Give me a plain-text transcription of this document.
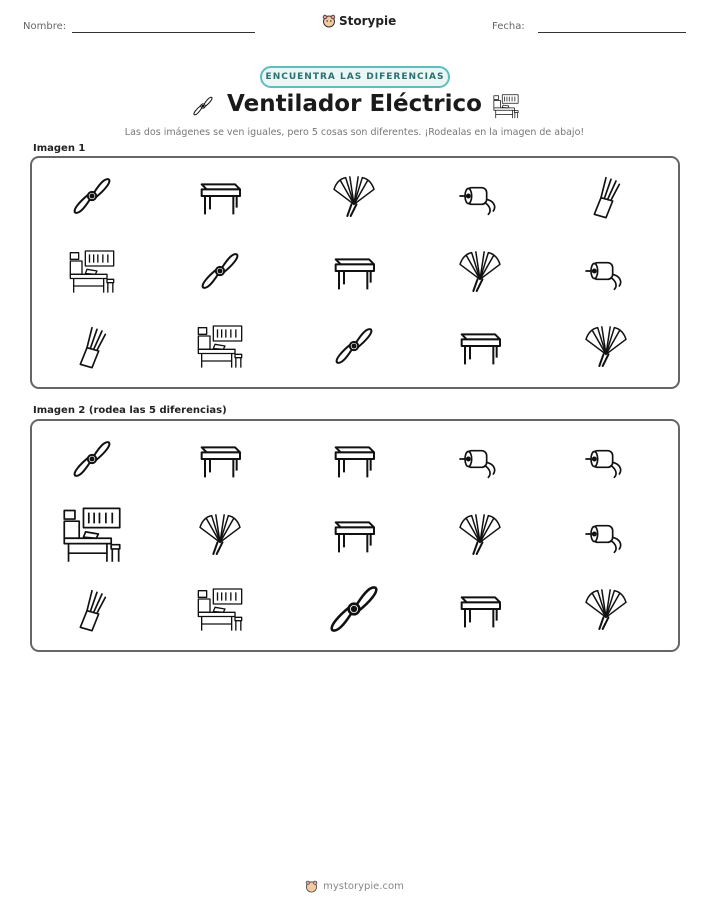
Nombre:	Storypie	Fecha:
ENCUENTRA LAS DIFERENCIAS
Ventilador Eléctrico
Las dos imágenes se ven iguales, pero 5 cosas son diferentes. ¡Rodealas en la imagen de abajo!
Imagen 1
Imagen 2 (rodea las 5 diferencias)
mystorypie.com
